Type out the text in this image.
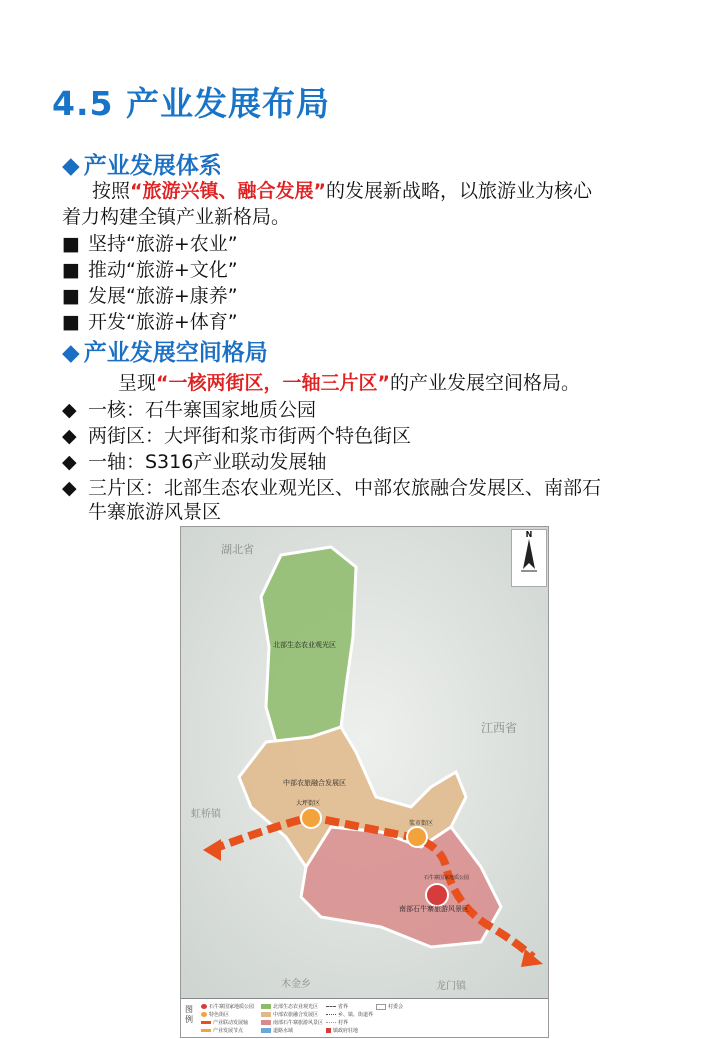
4.5 产业发展布局
◆ 产业发展体系
按照“旅游兴镇、融合发展”的发展新战略，以旅游业为核心
着力构建全镇产业新格局。
■ 坚持“旅游+农业”
■ 推动“旅游+文化”
■ 发展“旅游+康养”
■ 开发“旅游+体育”
◆ 产业发展空间格局
呈现“一核两街区，一轴三片区”的产业发展空间格局。
◆ 一核：石牛寨国家地质公园
◆ 两街区：大坪街和浆市街两个特色街区
◆ 一轴：S316产业联动发展轴
◆ 三片区：北部生态农业观光区、中部农旅融合发展区、南部石
牛寨旅游风景区
湖北省
江西省
虹桥镇
木金乡	龙门镇
北部生态农业观光区
中部农旅融合发展区
南部石牛寨旅游风景区
大坪街区
浆市街区
石牛寨国家地质公园
N
图例
石牛寨国家地质公园
特色街区
产业联动发展轴
产业发展节点
北部生态农业观光区
中部农旅融合发展区
南部石牛寨旅游风景区
道路水域
省界
乡、镇、街道界
村界
村委会
镇政府驻地
